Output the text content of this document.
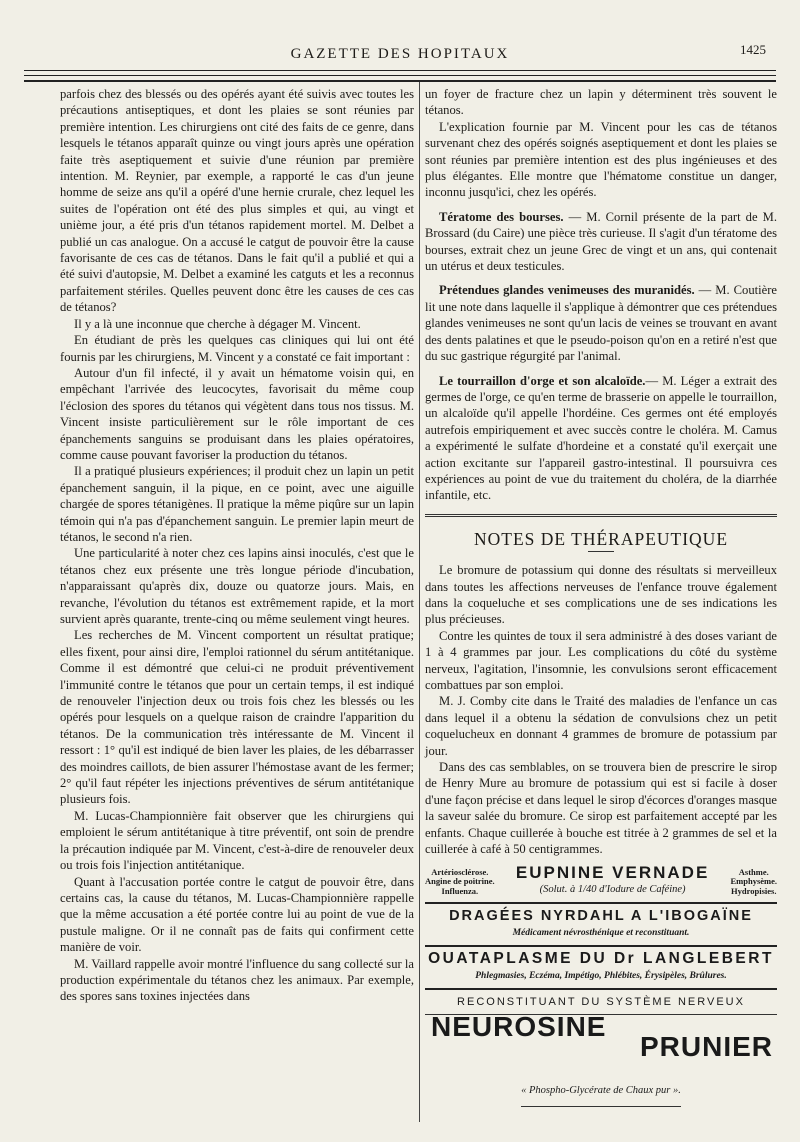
GAZETTE DES HOPITAUX	1425

parfois chez des blessés ou des opérés ayant été suivis avec toutes les précautions antiseptiques, et dont les plaies se sont réunies par première intention. Les chirurgiens ont cité des faits de ce genre, dans lesquels le tétanos apparaît quinze ou vingt jours après une opération faite très aseptiquement et suivie d'une réunion par première intention. M. Reynier, par exemple, a rapporté le cas d'un jeune homme de seize ans qu'il a opéré d'une hernie crurale, chez lequel les suites de l'opération ont été des plus simples et qui, au vingt et unième jour, a été pris d'un tétanos rapidement mortel. M. Delbet a publié un cas analogue. On a accusé le catgut de pouvoir être la cause favorisante de ces cas de tétanos. Dans le fait qu'il a publié et qui a été suivi d'autopsie, M. Delbet a examiné les catguts et les a reconnus parfaitement stériles. Quelles peuvent donc être les causes de ces cas de tétanos?

Il y a là une inconnue que cherche à dégager M. Vincent.

En étudiant de près les quelques cas cliniques qui lui ont été fournis par les chirurgiens, M. Vincent y a constaté ce fait important :

Autour d'un fil infecté, il y avait un hématome voisin qui, en empêchant l'arrivée des leucocytes, favorisait du même coup l'éclosion des spores du tétanos qui végètent dans tous nos tissus. M. Vincent insiste particulièrement sur le rôle important de ces épanchements sanguins se produisant dans les plaies opératoires, comme cause pouvant favoriser la production du tétanos.

Il a pratiqué plusieurs expériences; il produit chez un lapin un petit épanchement sanguin, il la pique, en ce point, avec une aiguille chargée de spores tétanigènes. Il pratique la même piqûre sur un lapin témoin qui n'a pas d'épanchement sanguin. Le premier lapin meurt de tétanos, le second n'a rien.

Une particularité à noter chez ces lapins ainsi inoculés, c'est que le tétanos chez eux présente une très longue période d'incubation, n'apparaissant qu'après dix, douze ou quatorze jours. Mais, en revanche, l'évolution du tétanos est extrêmement rapide, et la mort survient après quarante, trente-cinq ou même seulement vingt heures.

Les recherches de M. Vincent comportent un résultat pratique; elles fixent, pour ainsi dire, l'emploi rationnel du sérum antitétanique. Comme il est démontré que celui-ci ne produit préventivement l'immunité contre le tétanos que pour un certain temps, il est indiqué de renouveler l'injection deux ou trois fois chez les blessés ou les opérés pour lesquels on a quelque raison de craindre l'apparition du tétanos. De la communication très intéressante de M. Vincent il ressort : 1° qu'il est indiqué de bien laver les plaies, de les débarrasser des moindres caillots, de bien assurer l'hémostase avant de les fermer; 2° qu'il faut répéter les injections préventives de sérum antitétanique plusieurs fois.

M. Lucas-Championnière fait observer que les chirurgiens qui emploient le sérum antitétanique à titre préventif, ont soin de prendre la précaution indiquée par M. Vincent, c'est-à-dire de renouveler deux ou trois fois l'injection antitétanique.

Quant à l'accusation portée contre le catgut de pouvoir être, dans certains cas, la cause du tétanos, M. Lucas-Championnière rappelle que la même accusation a été portée contre lui au point de vue de la pustule maligne. Or il ne connaît pas de faits qui confirment cette manière de voir.

M. Vaillard rappelle avoir montré l'influence du sang collecté sur la production expérimentale du tétanos chez les animaux. Par exemple, des spores sans toxines injectées dans

un foyer de fracture chez un lapin y déterminent très souvent le tétanos.

L'explication fournie par M. Vincent pour les cas de tétanos survenant chez des opérés soignés aseptiquement et dont les plaies se sont réunies par première intention est des plus ingénieuses et des plus élégantes. Elle montre que l'hématome constitue un danger, inconnu jusqu'ici, chez les opérés.

Tératome des bourses. — M. Cornil présente de la part de M. Brossard (du Caire) une pièce très curieuse. Il s'agit d'un tératome des bourses, extrait chez un jeune Grec de vingt et un ans, qui contenait un utérus et deux testicules.

Prétendues glandes venimeuses des muranidés. — M. Coutière lit une note dans laquelle il s'applique à démontrer que ces prétendues glandes venimeuses ne sont qu'un lacis de veines se trouvant en avant des dents palatines et que le pseudo-poison qu'on en a retiré n'est que du suc gastrique régurgité par l'animal.

Le tourraillon d'orge et son alcaloïde.— M. Léger a extrait des germes de l'orge, ce qu'en terme de brasserie on appelle le tourraillon, un alcaloïde qu'il appelle l'hordéine. Ces germes ont été employés autrefois empiriquement et avec succès contre le choléra. M. Camus a expérimenté le sulfate d'hordeine et a constaté qu'il exerçait une action excitante sur l'appareil gastro-intestinal. Il poursuivra ces expériences au point de vue du traitement du choléra, de la diarrhée infantile, etc.

NOTES DE THÉRAPEUTIQUE

Le bromure de potassium qui donne des résultats si merveilleux dans toutes les affections nerveuses de l'enfance trouve également dans la coqueluche et ses complications une de ses indications les plus précieuses.

Contre les quintes de toux il sera administré à des doses variant de 1 à 4 grammes par jour. Les complications du côté du système nerveux, l'agitation, l'insomnie, les convulsions seront efficacement combattues par son emploi.

M. J. Comby cite dans le Traité des maladies de l'enfance un cas dans lequel il a obtenu la sédation de convulsions chez un petit coquelucheux en donnant 4 grammes de bromure de potassium par jour.

Dans des cas semblables, on se trouvera bien de prescrire le sirop de Henry Mure au bromure de potassium qui est si facile à doser d'une façon précise et dans lequel le sirop d'écorces d'oranges masque la saveur salée du bromure. Ce sirop est parfaitement accepté par les enfants. Chaque cuillerée à bouche est titrée à 2 grammes de sel et la cuillerée à café à 50 centigrammes.

Artériosclérose.
Angine de poitrine.
Influenza.
EUPNINE VERNADE
(Solut. à 1/40 d'Iodure de Caféine)
Asthme.
Emphysème.
Hydropisies.
DRAGÉES NYRDAHL A L'IBOGAÏNE
Médicament névrosthénique et reconstituant.
OUATAPLASME DU Dr LANGLEBERT
Phlegmasies, Eczéma, Impétigo, Phlébites, Érysipèles, Brûlures.
RECONSTITUANT DU SYSTÈME NERVEUX
NEUROSINE
PRUNIER
« Phospho-Glycérate de Chaux pur ».
